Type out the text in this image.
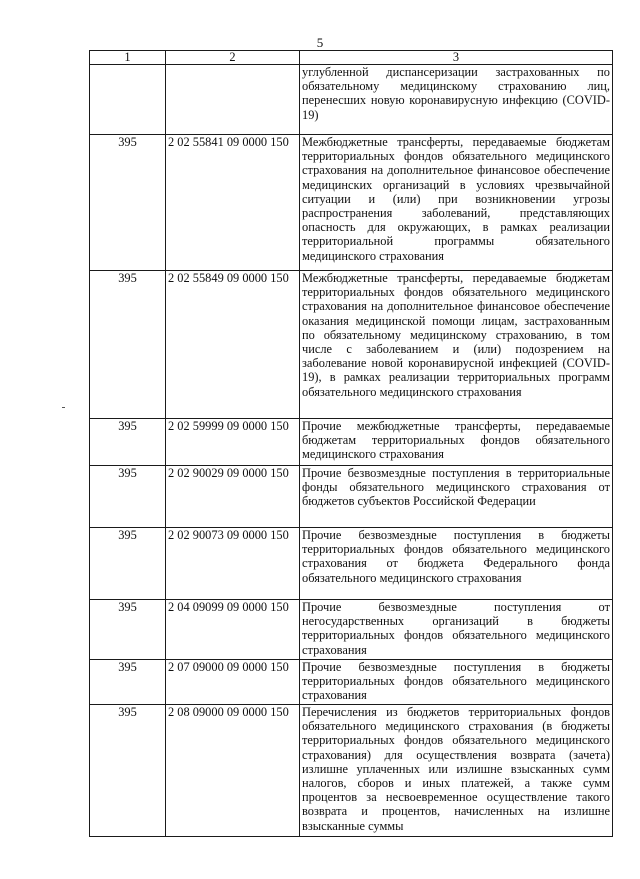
5
1	2	3
		углубленной диспансеризации застрахованных по обязательному медицинскому страхованию лиц, перенесших новую коронавирусную инфекцию (COVID-19)
395	2 02 55841 09 0000 150	Межбюджетные трансферты, передаваемые бюджетам территориальных фондов обязательного медицинского страхования на дополнительное финансовое обеспечение медицинских организаций в условиях чрезвычайной ситуации и (или) при возникновении угрозы распространения заболеваний, представляющих опасность для окружающих, в рамках реализации территориальной программы обязательного медицинского страхования
395	2 02 55849 09 0000 150	Межбюджетные трансферты, передаваемые бюджетам территориальных фондов обязательного медицинского страхования на дополнительное финансовое обеспечение оказания медицинской помощи лицам, застрахованным по обязательному медицинскому страхованию, в том числе с заболеванием и (или) подозрением на заболевание новой коронавирусной инфекцией (COVID-19), в рамках реализации территориальных программ обязательного медицинского страхования
395	2 02 59999 09 0000 150	Прочие межбюджетные трансферты, передаваемые бюджетам территориальных фондов обязательного медицинского страхования
395	2 02 90029 09 0000 150	Прочие безвозмездные поступления в территориальные фонды обязательного медицинского страхования от бюджетов субъектов Российской Федерации
395	2 02 90073 09 0000 150	Прочие безвозмездные поступления в бюджеты территориальных фондов обязательного медицинского страхования от бюджета Федерального фонда обязательного медицинского страхования
395	2 04 09099 09 0000 150	Прочие безвозмездные поступления от негосударственных организаций в бюджеты территориальных фондов обязательного медицинского страхования
395	2 07 09000 09 0000 150	Прочие безвозмездные поступления в бюджеты территориальных фондов обязательного медицинского страхования
395	2 08 09000 09 0000 150	Перечисления из бюджетов территориальных фондов обязательного медицинского страхования (в бюджеты территориальных фондов обязательного медицинского страхования) для осуществления возврата (зачета) излишне уплаченных или излишне взысканных сумм налогов, сборов и иных платежей, а также сумм процентов за несвоевременное осуществление такого возврата и процентов, начисленных на излишне взысканные суммы
